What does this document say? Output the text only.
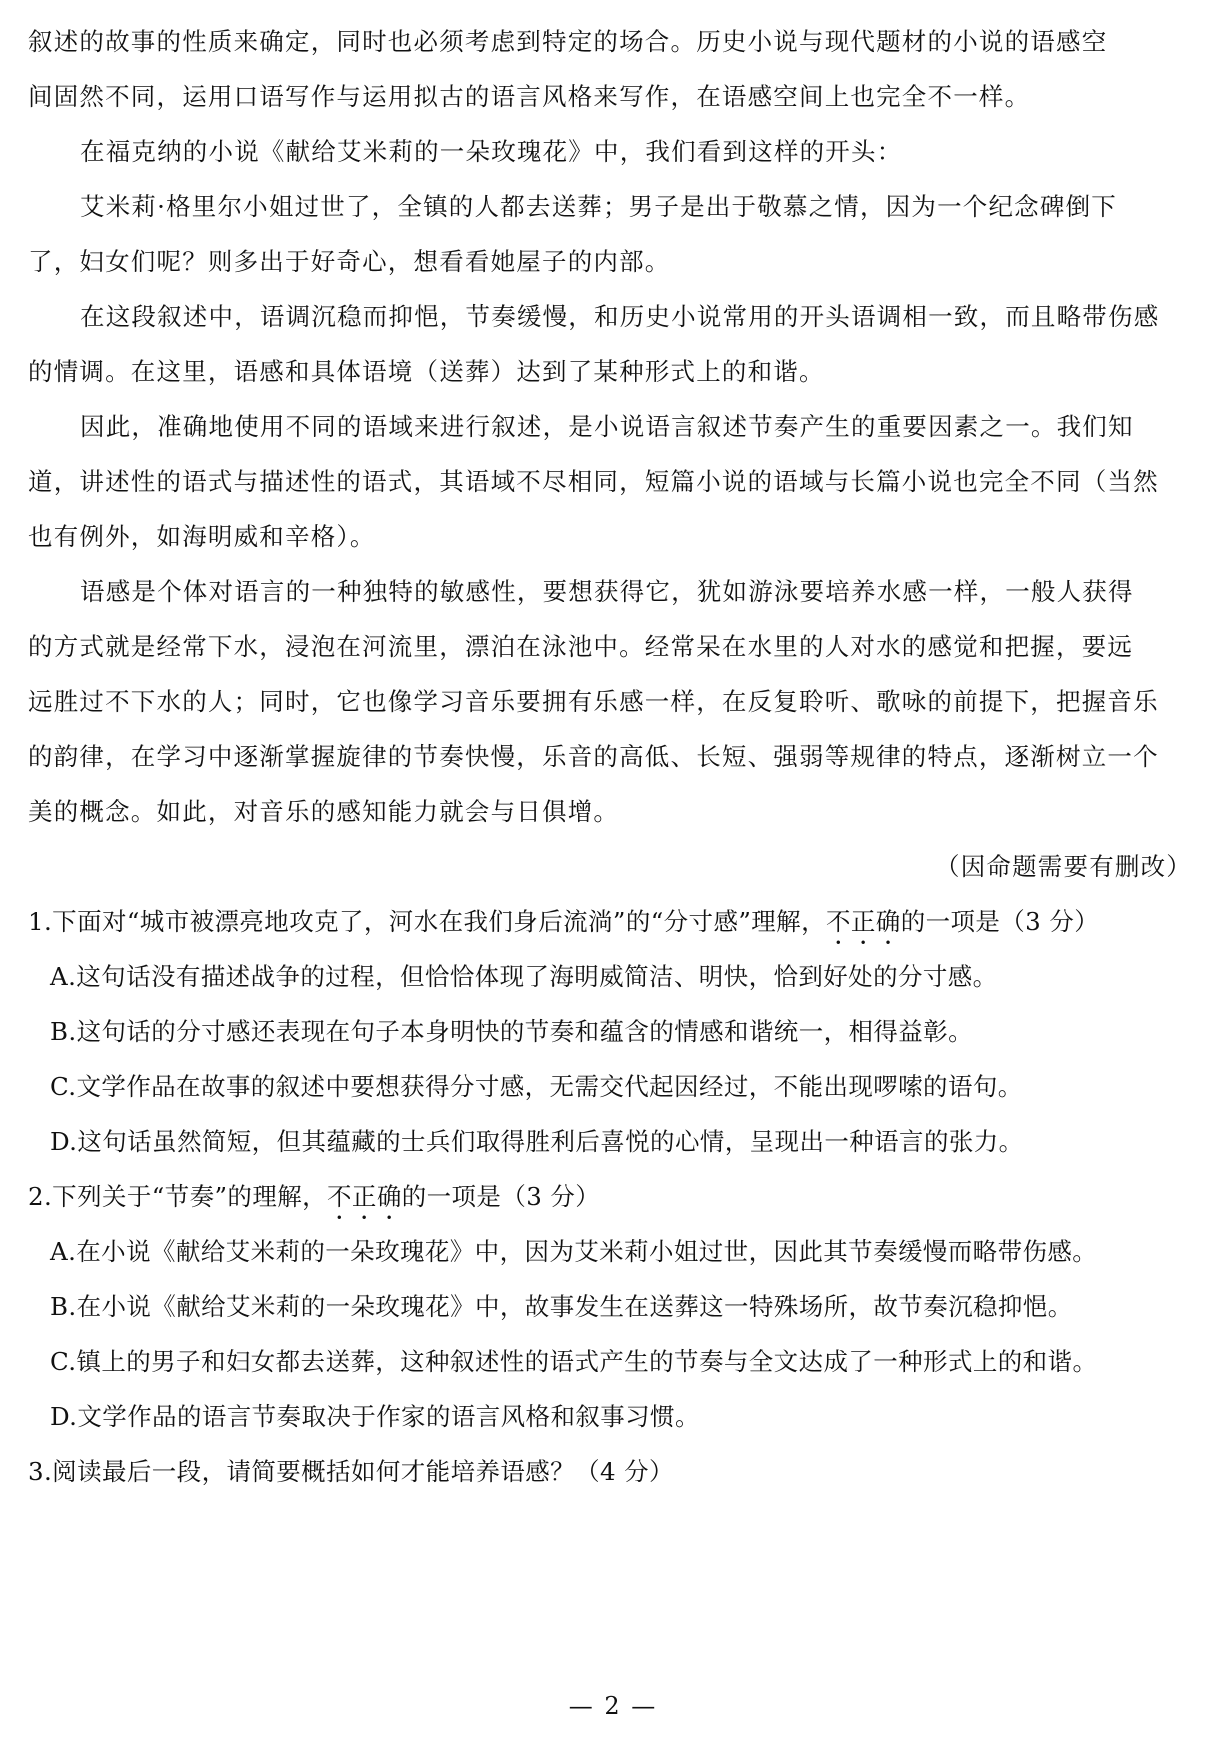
叙述的故事的性质来确定，同时也必须考虑到特定的场合。历史小说与现代题材的小说的语感空
间固然不同，运用口语写作与运用拟古的语言风格来写作，在语感空间上也完全不一样。
在福克纳的小说《献给艾米莉的一朵玫瑰花》中，我们看到这样的开头：
艾米莉·格里尔小姐过世了，全镇的人都去送葬；男子是出于敬慕之情，因为一个纪念碑倒下
了，妇女们呢？则多出于好奇心，想看看她屋子的内部。
在这段叙述中，语调沉稳而抑悒，节奏缓慢，和历史小说常用的开头语调相一致，而且略带伤感
的情调。在这里，语感和具体语境（送葬）达到了某种形式上的和谐。
因此，准确地使用不同的语域来进行叙述，是小说语言叙述节奏产生的重要因素之一。我们知
道，讲述性的语式与描述性的语式，其语域不尽相同，短篇小说的语域与长篇小说也完全不同（当然
也有例外，如海明威和辛格）。
语感是个体对语言的一种独特的敏感性，要想获得它，犹如游泳要培养水感一样，一般人获得
的方式就是经常下水，浸泡在河流里，漂泊在泳池中。经常呆在水里的人对水的感觉和把握，要远
远胜过不下水的人；同时，它也像学习音乐要拥有乐感一样，在反复聆听、歌咏的前提下，把握音乐
的韵律，在学习中逐渐掌握旋律的节奏快慢，乐音的高低、长短、强弱等规律的特点，逐渐树立一个
美的概念。如此，对音乐的感知能力就会与日俱增。
（因命题需要有删改）
1.下面对“城市被漂亮地攻克了，河水在我们身后流淌”的“分寸感”理解，不正确的一项是（3 分）
A.这句话没有描述战争的过程，但恰恰体现了海明威简洁、明快，恰到好处的分寸感。
B.这句话的分寸感还表现在句子本身明快的节奏和蕴含的情感和谐统一，相得益彰。
C.文学作品在故事的叙述中要想获得分寸感，无需交代起因经过，不能出现啰嗦的语句。
D.这句话虽然简短，但其蕴藏的士兵们取得胜利后喜悦的心情，呈现出一种语言的张力。
2.下列关于“节奏”的理解，不正确的一项是（3 分）
A.在小说《献给艾米莉的一朵玫瑰花》中，因为艾米莉小姐过世，因此其节奏缓慢而略带伤感。
B.在小说《献给艾米莉的一朵玫瑰花》中，故事发生在送葬这一特殊场所，故节奏沉稳抑悒。
C.镇上的男子和妇女都去送葬，这种叙述性的语式产生的节奏与全文达成了一种形式上的和谐。
D.文学作品的语言节奏取决于作家的语言风格和叙事习惯。
3.阅读最后一段，请简要概括如何才能培养语感？（4 分）
— 2 —
